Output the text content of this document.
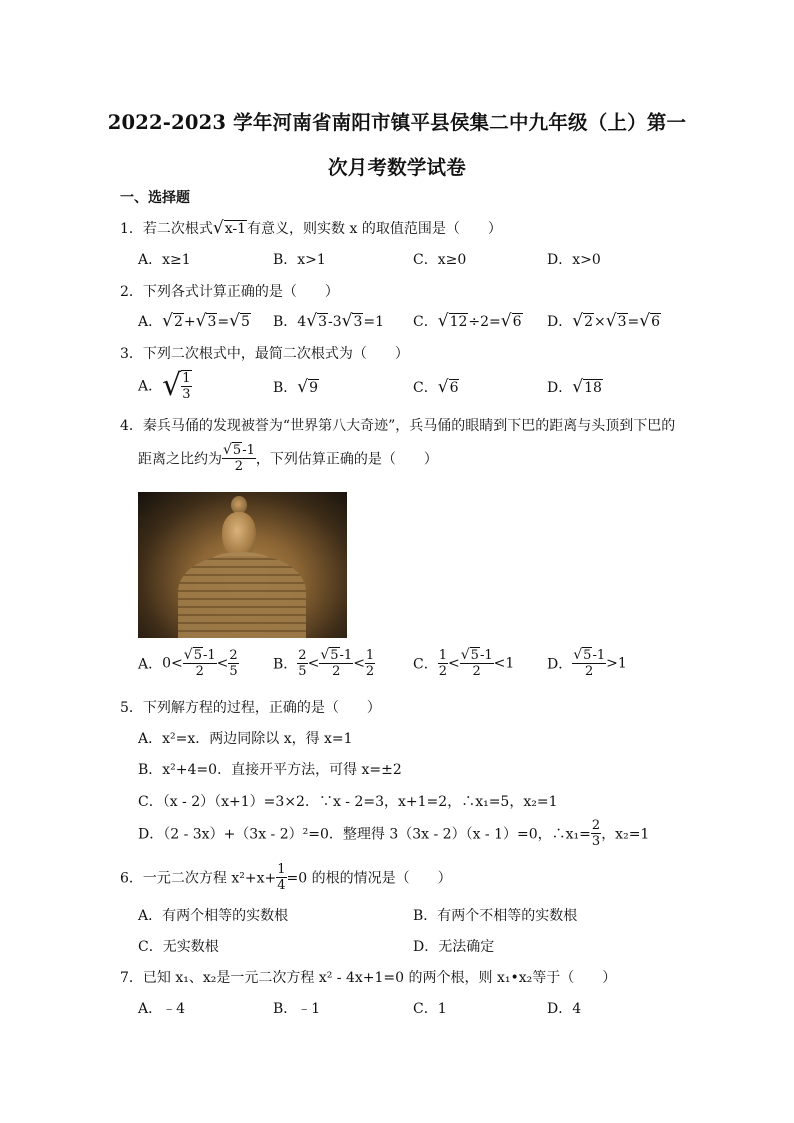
2022-2023 学年河南省南阳市镇平县侯集二中九年级（上）第一
次月考数学试卷
一、选择题
1．若二次根式√x-1有意义，则实数 x 的取值范围是（　　）
A．x≥1	B．x>1	C．x≥0	D．x>0
2．下列各式计算正确的是（　　）
A．√2+√3=√5 B．4√3-3√3=1 C．√12÷2=√6 D．√2×√3=√6
3．下列二次根式中，最简二次根式为（　　）
A．√ $\frac{1}{3}$	B．√9	C．√6	D．√18
4．秦兵马俑的发现被誉为“世界第八大奇迹”，兵马俑的眼睛到下巴的距离与头顶到下巴的
距离之比约为 $\frac{√5-1}{2}$ ，下列估算正确的是（　　）
A．$0< \frac{√5-1}{2} < \frac{2}{5}$ B． $\frac{2}{5} < \frac{√5-1}{2} < \frac{1}{2}$	C． $\frac{1}{2} < \frac{√5-1}{2} <1$ D． $\frac{√5-1}{2} >1$
5．下列解方程的过程，正确的是（　　）
A．x²=x．两边同除以 x，得 x=1
B．x²+4=0．直接开平方法，可得 x=±2
C．（x - 2）（x+1）=3×2．∵x - 2=3，x+1=2，∴x₁=5，x₂=1
D．（2 - 3x）+（3x - 2）²=0．整理得 3（3x - 2）（x - 1）=0，∴x₁= $\frac{2}{3}$ ，x₂=1
6．一元二次方程 $x^2+x+ \frac{1}{4} =0$ 的根的情况是（　　）
A．有两个相等的实数根	B．有两个不相等的实数根
C．无实数根	D．无法确定
7．已知 x₁、x₂是一元二次方程 x² - 4x+1=0 的两个根，则 x₁•x₂等于（　　）
A．﹣4	B．﹣1	C．1	D．4
